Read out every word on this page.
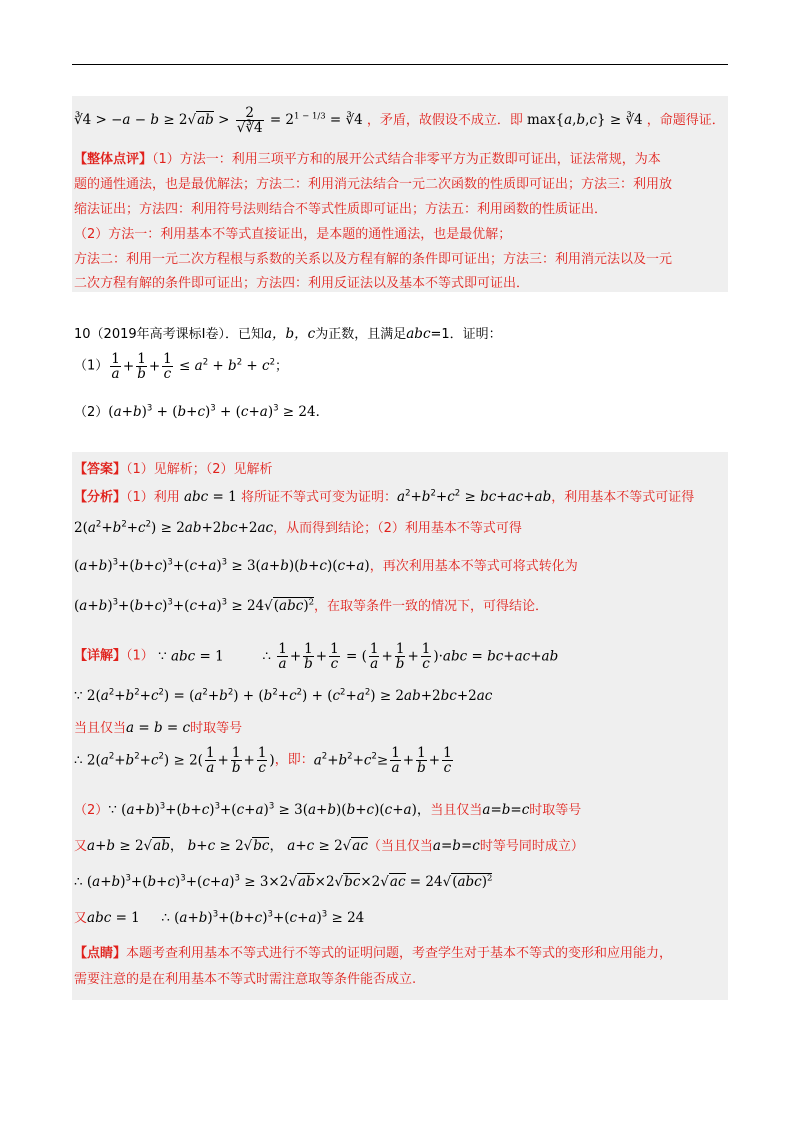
∛4 > $-a - b \ge 2√ab > \frac{2}{√∛4} = 2^{1 - 1/3}$ = ∛4 ，矛盾，故假设不成立．即 max{a,b,c} ≥ ∛4 ，命题得证．
【整体点评】（1）方法一：利用三项平方和的展开公式结合非零平方为正数即可证出，证法常规，为本
题的通性通法，也是最优解法；方法二：利用消元法结合一元二次函数的性质即可证出；方法三：利用放
缩法证出；方法四：利用符号法则结合不等式性质即可证出；方法五：利用函数的性质证出．
（2）方法一：利用基本不等式直接证出，是本题的通性通法，也是最优解；
方法二：利用一元二次方程根与系数的关系以及方程有解的条件即可证出；方法三：利用消元法以及一元
二次方程有解的条件即可证出；方法四：利用反证法以及基本不等式即可证出．
10（2019年高考课标Ⅰ卷）．已知a，b，c为正数，且满足abc=1．证明：
$(1) \frac{1}{a} + \frac{1}{b} + \frac{1}{c} \le a^2 + b^2 + c^2$；
$(2)(a+b)^3 + (b+c)^3 + (c+a)^3 \ge 24$．
【答案】（1）见解析；（2）见解析
【分析】（1）利用 abc = 1 将所证不等式可变为证明：$a^2+b^2+c^2 \ge bc+ac+ab$，利用基本不等式可证得
$2(a^2+b^2+c^2) \ge 2ab+2bc+2ac$，从而得到结论；（2）利用基本不等式可得
$(a+b)^3+(b+c)^3+(c+a)^3 \ge 3(a+b)(b+c)(c+a)$，再次利用基本不等式可将式转化为
$(a+b)^3+(b+c)^3+(c+a)^3 \ge 24√(abc)^2$，在取等条件一致的情况下，可得结论．
【详解】（1） ∵ abc = 1         ∴ $\frac{1}{a} + \frac{1}{b} + \frac{1}{c}$ = ( $\frac{1}{a} + \frac{1}{b} + \frac{1}{c} )\cdot abc = bc+ac+ab$
∵ $2(a^2+b^2+c^2) = (a^2+b^2) + (b^2+c^2) + (c^2+a^2) \ge 2ab+2bc+2ac$
当且仅当a = b = c时取等号
∴ $2(a^2+b^2+c^2) \ge 2( \frac{1}{a} + \frac{1}{b} + \frac{1}{c}$ )，即：$a^2+b^2+c^2\ge \frac{1}{a} + \frac{1}{b} + \frac{1}{c}$
（2）∵ $(a+b)^3+(b+c)^3+(c+a)^3 \ge 3(a+b)(b+c)(c+a)$，当且仅当a=b=c时取等号
又a+b ≥ 2√ab， b+c ≥ 2√bc， a+c ≥ 2√ac（当且仅当a=b=c时等号同时成立）
∴ $(a+b)^3+(b+c)^3+(c+a)^3 \ge 3\times 2√ab\times 2√bc\times 2√ac = 24√(abc)^2$
又abc = 1     ∴ $(a+b)^3+(b+c)^3+(c+a)^3 \ge 24$
【点睛】本题考查利用基本不等式进行不等式的证明问题，考查学生对于基本不等式的变形和应用能力，
需要注意的是在利用基本不等式时需注意取等条件能否成立.
